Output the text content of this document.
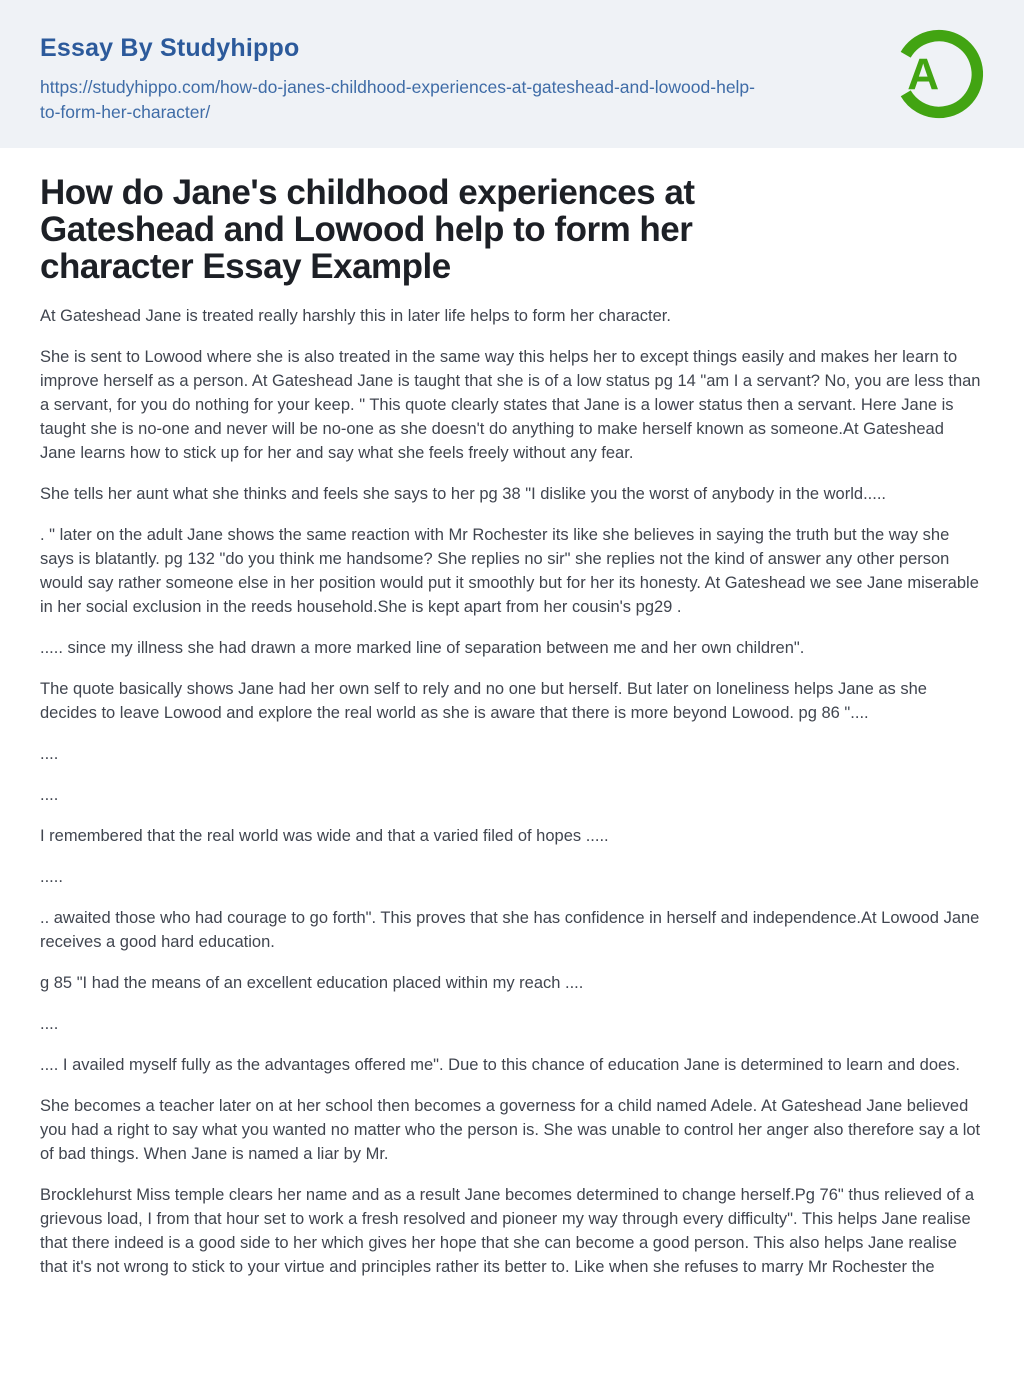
Essay By Studyhippo
https://studyhippo.com/how-do-janes-childhood-experiences-at-gateshead-and-lowood-help-
to-form-her-character/
A
How do Jane's childhood experiences at
Gateshead and Lowood help to form her
character Essay Example

At Gateshead Jane is treated really harshly this in later life helps to form her character.

She is sent to Lowood where she is also treated in the same way this helps her to except things easily and makes her learn to improve herself as a person. At Gateshead Jane is taught that she is of a low status pg 14 "am I a servant? No, you are less than a servant, for you do nothing for your keep. " This quote clearly states that Jane is a lower status then a servant. Here Jane is taught she is no-one and never will be no-one as she doesn't do anything to make herself known as someone.At Gateshead Jane learns how to stick up for her and say what she feels freely without any fear.

She tells her aunt what she thinks and feels she says to her pg 38 "I dislike you the worst of anybody in the world.....

. " later on the adult Jane shows the same reaction with Mr Rochester its like she believes in saying the truth but the way she says is blatantly. pg 132 "do you think me handsome? She replies no sir" she replies not the kind of answer any other person would say rather someone else in her position would put it smoothly but for her its honesty. At Gateshead we see Jane miserable in her social exclusion in the reeds household.She is kept apart from her cousin's pg29 .

..... since my illness she had drawn a more marked line of separation between me and her own children".

The quote basically shows Jane had her own self to rely and no one but herself. But later on loneliness helps Jane as she decides to leave Lowood and explore the real world as she is aware that there is more beyond Lowood. pg 86 "....

....

....

I remembered that the real world was wide and that a varied filed of hopes .....

.....

.. awaited those who had courage to go forth". This proves that she has confidence in herself and independence.At Lowood Jane receives a good hard education.

g 85 "I had the means of an excellent education placed within my reach ....

....

.... I availed myself fully as the advantages offered me". Due to this chance of education Jane is determined to learn and does.

She becomes a teacher later on at her school then becomes a governess for a child named Adele. At Gateshead Jane believed you had a right to say what you wanted no matter who the person is. She was unable to control her anger also therefore say a lot of bad things. When Jane is named a liar by Mr.

Brocklehurst Miss temple clears her name and as a result Jane becomes determined to change herself.Pg 76" thus relieved of a grievous load, I from that hour set to work a fresh resolved and pioneer my way through every difficulty". This helps Jane realise that there indeed is a good side to her which gives her hope that she can become a good person. This also helps Jane realise that it's not wrong to stick to your virtue and principles rather its better to. Like when she refuses to marry Mr Rochester the
